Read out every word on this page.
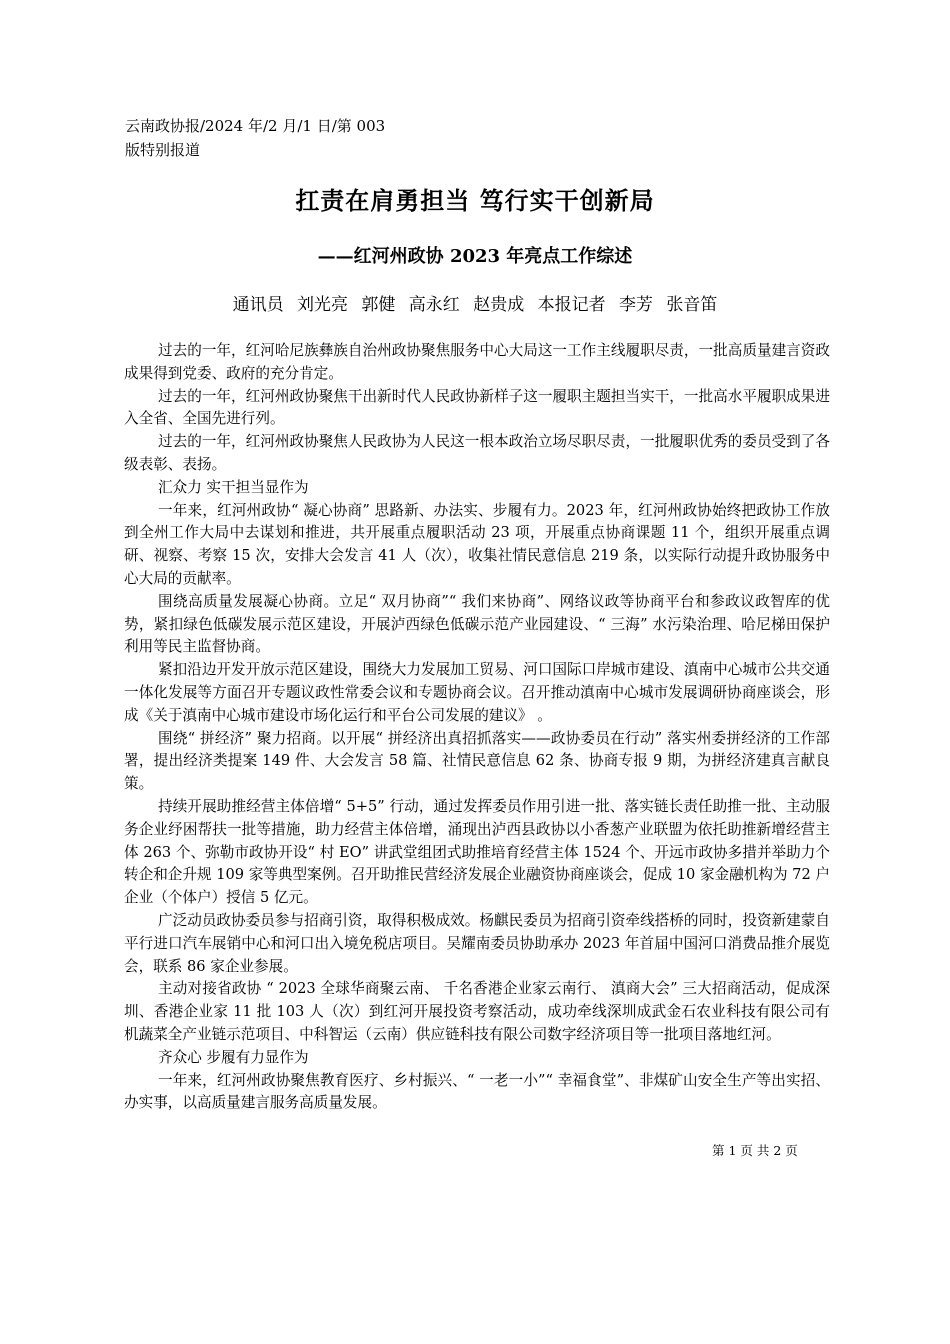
云南政协报/2024 年/2 月/1 日/第 003
版特别报道
扛责在肩勇担当 笃行实干创新局
——红河州政协 2023 年亮点工作综述
通讯员 刘光亮 郭健 高永红 赵贵成 本报记者 李芳 张音笛

过去的一年，红河哈尼族彝族自治州政协聚焦服务中心大局这一工作主线履职尽责，一批高质量建言资政成果得到党委、政府的充分肯定。

过去的一年，红河州政协聚焦干出新时代人民政协新样子这一履职主题担当实干，一批高水平履职成果进入全省、全国先进行列。

过去的一年，红河州政协聚焦人民政协为人民这一根本政治立场尽职尽责，一批履职优秀的委员受到了各级表彰、表扬。

汇众力 实干担当显作为

一年来，红河州政协“ 凝心协商” 思路新、办法实、步履有力。2023 年，红河州政协始终把政协工作放到全州工作大局中去谋划和推进，共开展重点履职活动 23 项，开展重点协商课题 11 个，组织开展重点调研、视察、考察 15 次，安排大会发言 41 人（次），收集社情民意信息 219 条，以实际行动提升政协服务中心大局的贡献率。

围绕高质量发展凝心协商。立足“ 双月协商”“ 我们来协商”、网络议政等协商平台和参政议政智库的优势，紧扣绿色低碳发展示范区建设，开展泸西绿色低碳示范产业园建设、“ 三海” 水污染治理、哈尼梯田保护利用等民主监督协商。

紧扣沿边开发开放示范区建设，围绕大力发展加工贸易、河口国际口岸城市建设、滇南中心城市公共交通一体化发展等方面召开专题议政性常委会议和专题协商会议。召开推动滇南中心城市发展调研协商座谈会，形成《关于滇南中心城市建设市场化运行和平台公司发展的建议》 。

围绕“ 拼经济” 聚力招商。以开展“ 拼经济出真招抓落实——政协委员在行动” 落实州委拼经济的工作部署，提出经济类提案 149 件、大会发言 58 篇、社情民意信息 62 条、协商专报 9 期，为拼经济建真言献良策。

持续开展助推经营主体倍增“ 5+5” 行动，通过发挥委员作用引进一批、落实链长责任助推一批、主动服务企业纾困帮扶一批等措施，助力经营主体倍增，涌现出泸西县政协以小香葱产业联盟为依托助推新增经营主体 263 个、弥勒市政协开设“ 村 EO” 讲武堂组团式助推培育经营主体 1524 个、开远市政协多措并举助力个转企和企升规 109 家等典型案例。召开助推民营经济发展企业融资协商座谈会，促成 10 家金融机构为 72 户企业（个体户）授信 5 亿元。

广泛动员政协委员参与招商引资，取得积极成效。杨麒民委员为招商引资牵线搭桥的同时，投资新建蒙自平行进口汽车展销中心和河口出入境免税店项目。吴耀南委员协助承办 2023 年首届中国河口消费品推介展览会，联系 86 家企业参展。

主动对接省政协 “ 2023 全球华商聚云南、 千名香港企业家云南行、 滇商大会” 三大招商活动，促成深圳、香港企业家 11 批 103 人（次）到红河开展投资考察活动，成功牵线深圳成武金石农业科技有限公司有机蔬菜全产业链示范项目、中科智运（云南）供应链科技有限公司数字经济项目等一批项目落地红河。

齐众心 步履有力显作为

一年来，红河州政协聚焦教育医疗、乡村振兴、“ 一老一小”“ 幸福食堂”、非煤矿山安全生产等出实招、办实事，以高质量建言服务高质量发展。

第 1 页 共 2 页
